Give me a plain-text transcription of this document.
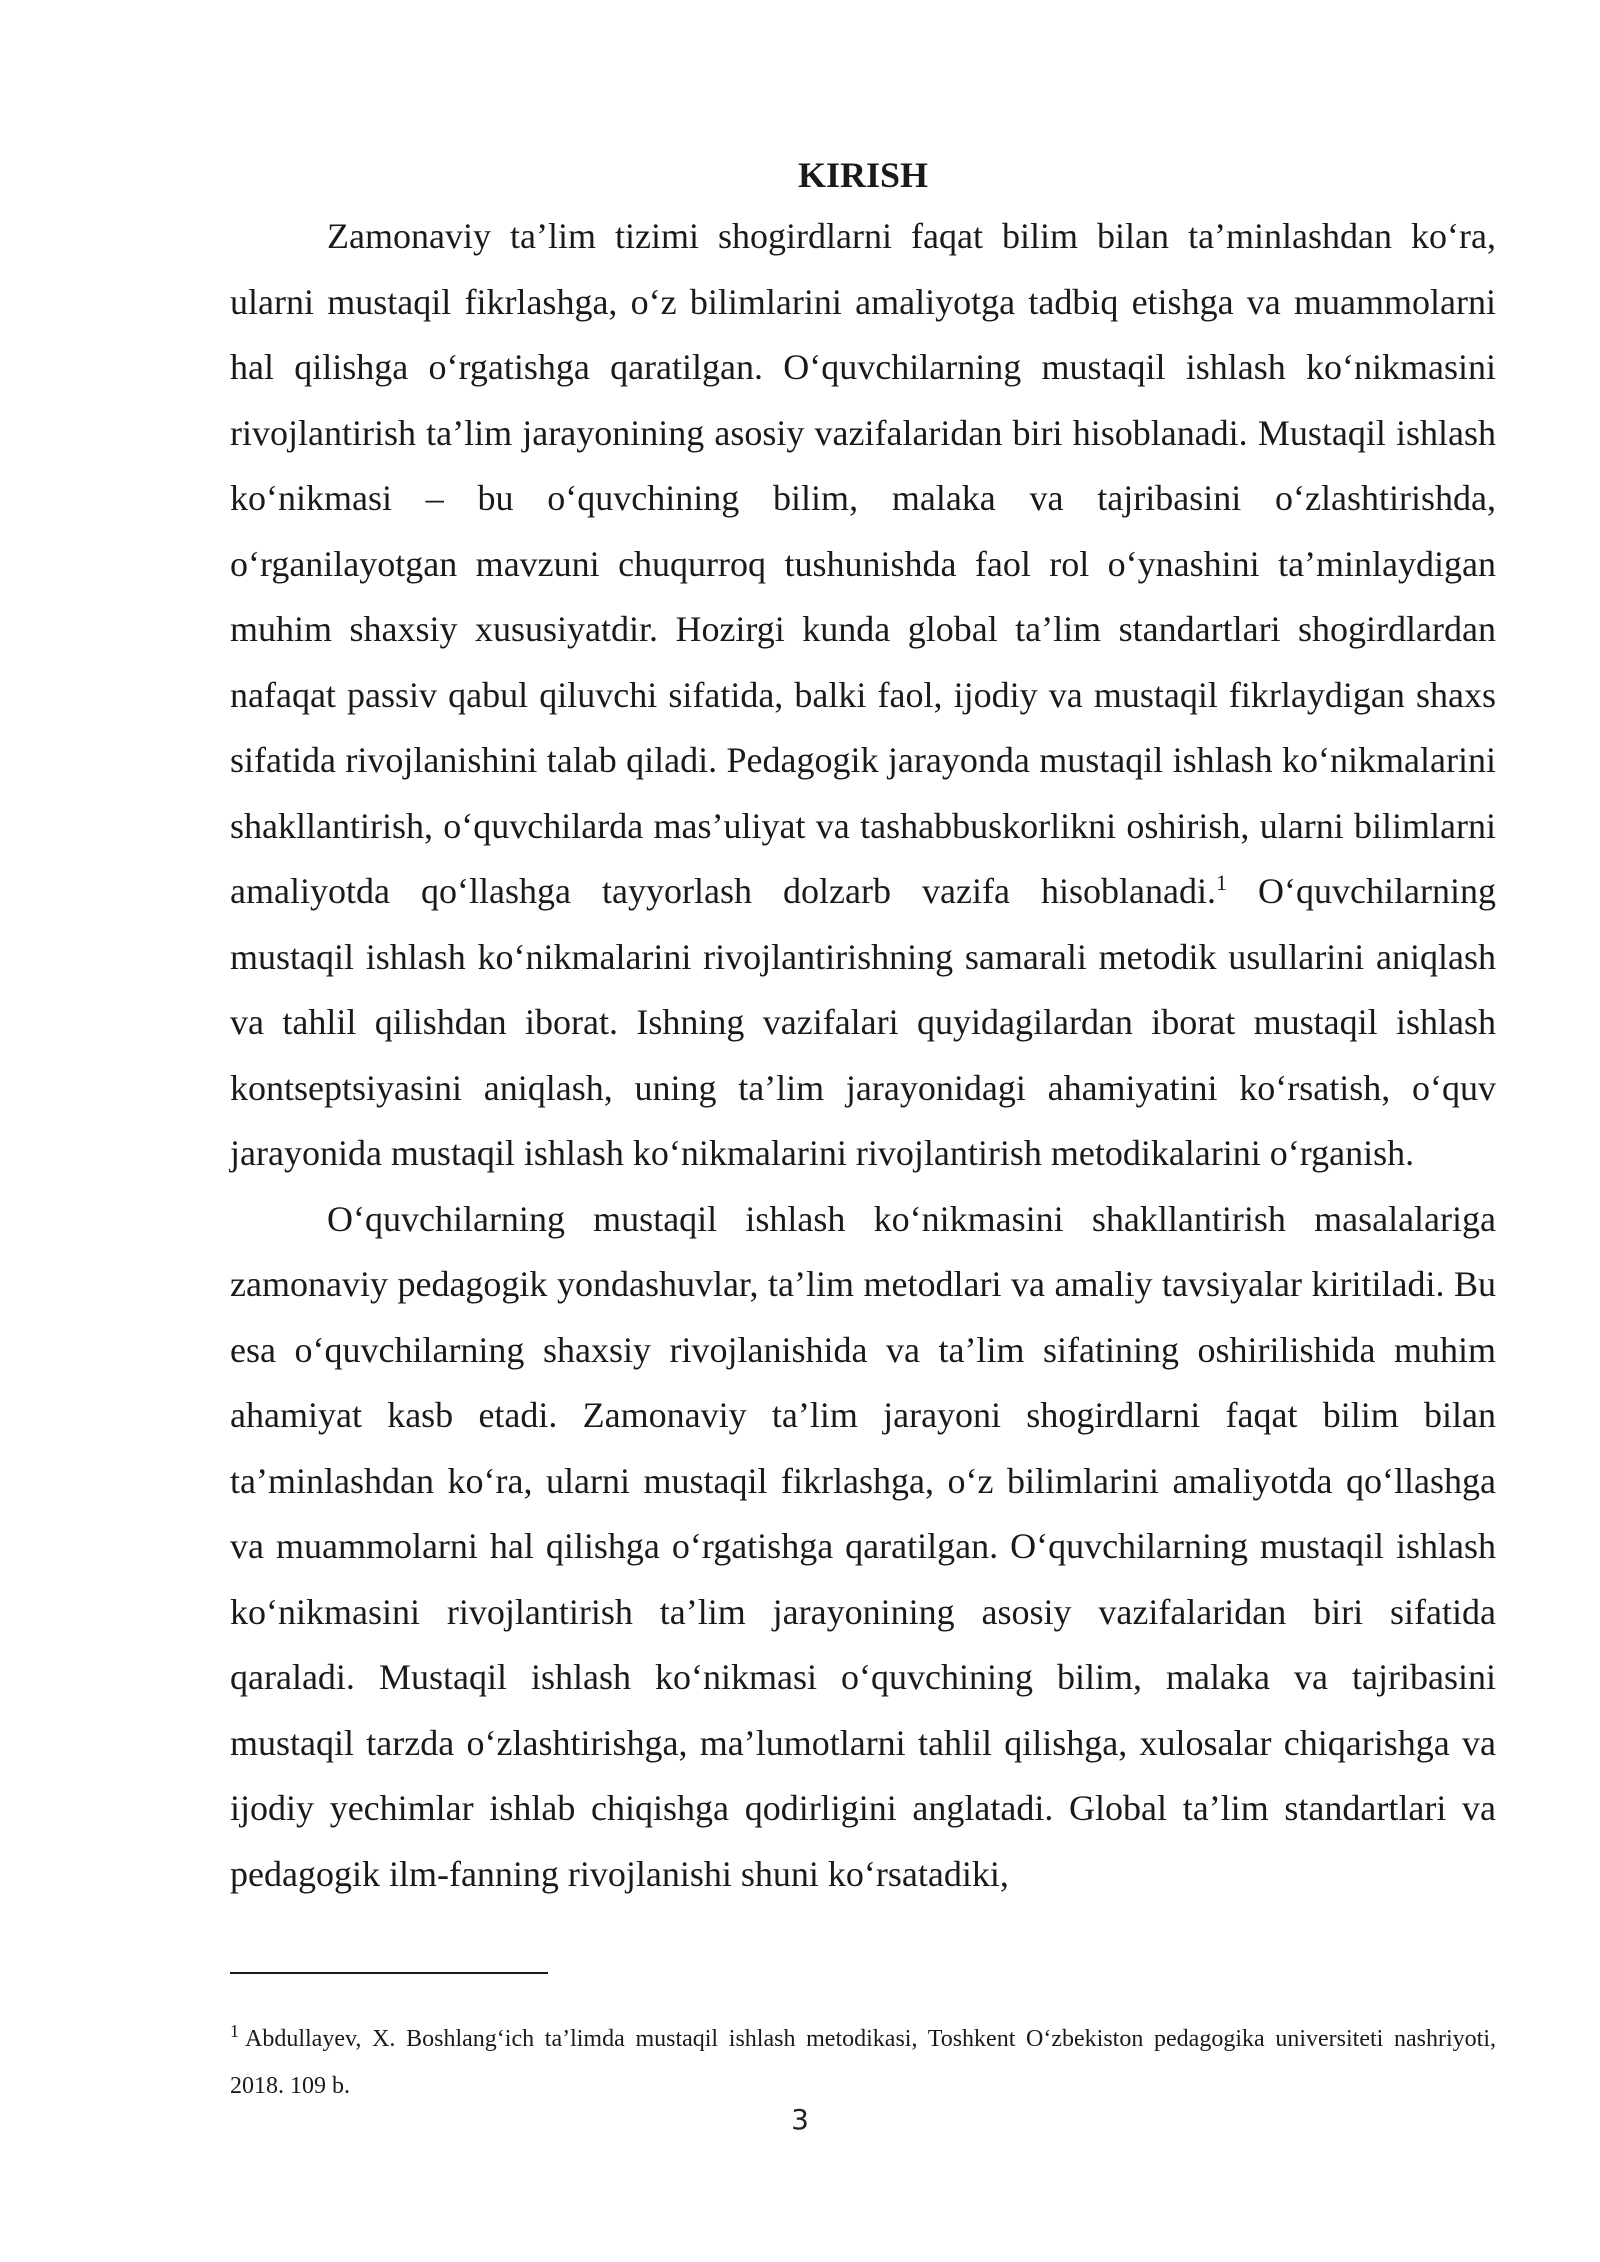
KIRISH

Zamonaviy ta’lim tizimi shogirdlarni faqat bilim bilan ta’minlashdan ko‘ra, ularni mustaqil fikrlashga, o‘z bilimlarini amaliyotga tadbiq etishga va muammolarni hal qilishga o‘rgatishga qaratilgan. O‘quvchilarning mustaqil ishlash ko‘nikmasini rivojlantirish ta’lim jarayonining asosiy vazifalaridan biri hisoblanadi. Mustaqil ishlash ko‘nikmasi – bu o‘quvchining bilim, malaka va tajribasini o‘zlashtirishda, o‘rganilayotgan mavzuni chuqurroq tushunishda faol rol o‘ynashini ta’minlaydigan muhim shaxsiy xususiyatdir. Hozirgi kunda global ta’lim standartlari shogirdlardan nafaqat passiv qabul qiluvchi sifatida, balki faol, ijodiy va mustaqil fikrlaydigan shaxs sifatida rivojlanishini talab qiladi. Pedagogik jarayonda mustaqil ishlash ko‘nikmalarini shakllantirish, o‘quvchilarda mas’uliyat va tashabbuskorlikni oshirish, ularni bilimlarni amaliyotda qo‘llashga tayyorlash dolzarb vazifa hisoblanadi.$^1$ O‘quvchilarning mustaqil ishlash ko‘nikmalarini rivojlantirishning samarali metodik usullarini aniqlash va tahlil qilishdan iborat. Ishning vazifalari quyidagilardan iborat mustaqil ishlash kontseptsiyasini aniqlash, uning ta’lim jarayonidagi ahamiyatini ko‘rsatish, o‘quv jarayonida mustaqil ishlash ko‘nikmalarini rivojlantirish metodikalarini o‘rganish.

O‘quvchilarning mustaqil ishlash ko‘nikmasini shakllantirish masalalariga zamonaviy pedagogik yondashuvlar, ta’lim metodlari va amaliy tavsiyalar kiritiladi. Bu esa o‘quvchilarning shaxsiy rivojlanishida va ta’lim sifatining oshirilishida muhim ahamiyat kasb etadi. Zamonaviy ta’lim jarayoni shogirdlarni faqat bilim bilan ta’minlashdan ko‘ra, ularni mustaqil fikrlashga, o‘z bilimlarini amaliyotda qo‘llashga va muammolarni hal qilishga o‘rgatishga qaratilgan. O‘quvchilarning mustaqil ishlash ko‘nikmasini rivojlantirish ta’lim jarayonining asosiy vazifalaridan biri sifatida qaraladi. Mustaqil ishlash ko‘nikmasi o‘quvchining bilim, malaka va tajribasini mustaqil tarzda o‘zlashtirishga, ma’lumotlarni tahlil qilishga, xulosalar chiqarishga va ijodiy yechimlar ishlab chiqishga qodirligini anglatadi. Global ta’lim standartlari va pedagogik ilm-fanning rivojlanishi shuni ko‘rsatadiki,

$^1$ Abdullayev, X. Boshlang‘ich ta’limda mustaqil ishlash metodikasi, Toshkent O‘zbekiston pedagogika universiteti nashriyoti, 2018. 109 b.

3
